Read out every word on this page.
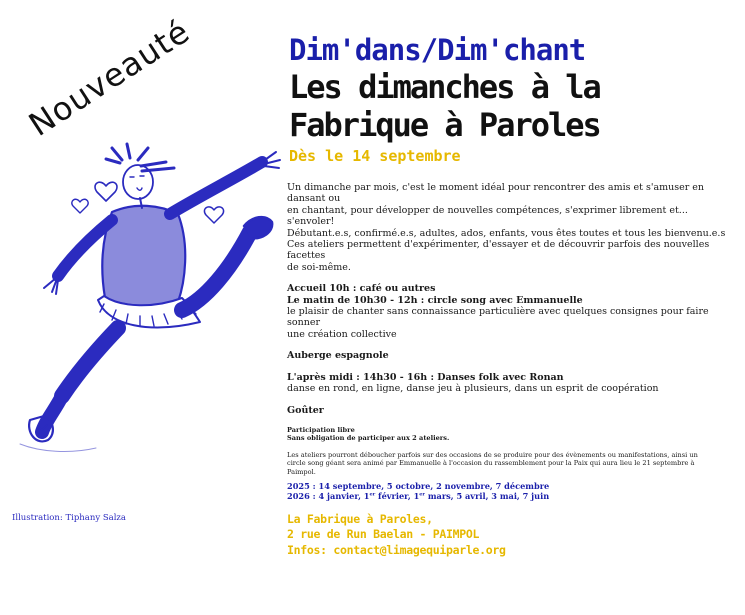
Nouveauté
Illustration: Tiphany Salza
Dim'dans/Dim'chant
Les dimanches à la
Fabrique à Paroles
Dès le 14 septembre

Un dimanche par mois, c'est le moment idéal pour rencontrer des amis et s'amuser en dansant ou

en chantant, pour développer de nouvelles compétences, s'exprimer librement et... s'envoler!

Débutant.e.s, confirmé.e.s, adultes, ados, enfants, vous êtes toutes et tous les bienvenu.e.s

Ces ateliers permettent d'expérimenter, d'essayer et de découvrir parfois des nouvelles facettes

de soi-même.

Accueil 10h : café ou autres

Le matin de 10h30 - 12h : circle song avec Emmanuelle

le plaisir de chanter sans connaissance particulière avec quelques consignes pour faire sonner

une création collective

Auberge espagnole

L'après midi : 14h30 - 16h : Danses folk avec Ronan

danse en rond, en ligne, danse jeu à plusieurs, dans un esprit de coopération

Goûter

Participation libre

Sans obligation de participer aux 2 ateliers.

Les ateliers pourront déboucher parfois sur des occasions de se produire pour des évènements ou manifestations, ainsi un

circle song géant sera animé par Emmanuelle à l'occasion du rassemblement pour la Paix qui aura lieu le 21 septembre à

Paimpol.

2025 : 14 septembre, 5 octobre, 2 novembre, 7 décembre

2026 : 4 janvier, 1er février, 1er mars, 5 avril, 3 mai, 7 juin

La Fabrique à Paroles,

2 rue de Run Baelan - PAIMPOL

Infos: contact@limagequiparle.org
